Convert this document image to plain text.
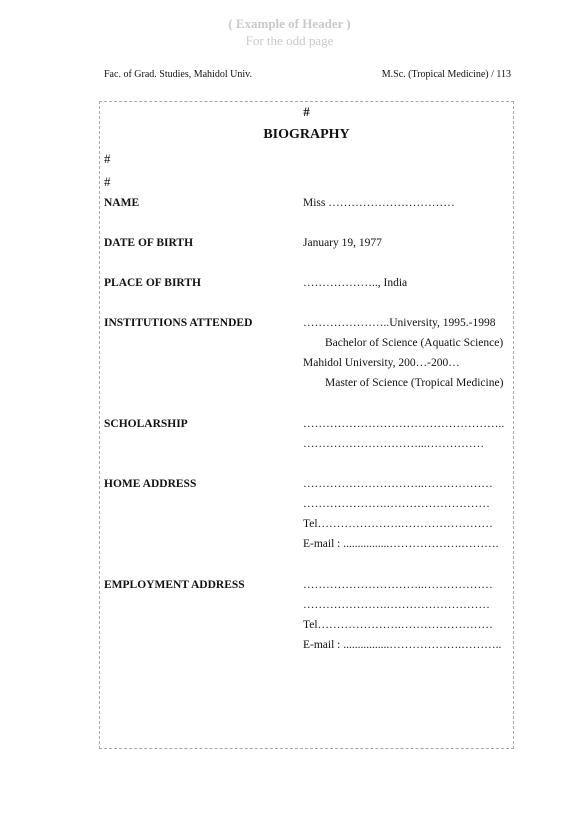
( Example of Header )
For the odd page
Fac. of Grad. Studies, Mahidol Univ.	M.Sc. (Tropical Medicine) / 113
#
BIOGRAPHY
#
#
NAME	Miss ……………………………
DATE OF BIRTH	January 19, 1977
PLACE OF BIRTH	……………….., India
INSTITUTIONS ATTENDED	…………………..University, 1995.-1998
Bachelor of Science (Aquatic Science)
Mahidol University, 200…-200…
Master of Science (Tropical Medicine)
SCHOLARSHIP	……………………………………………..
…………………………...……………
HOME ADDRESS	…………………………..………………
………………….………………………
Tel………………….……………………
E-mail : ................……………….……….
EMPLOYMENT ADDRESS	…………………………..………………
………………….………………………
Tel………………….……………………
E-mail : ................……………….………..
